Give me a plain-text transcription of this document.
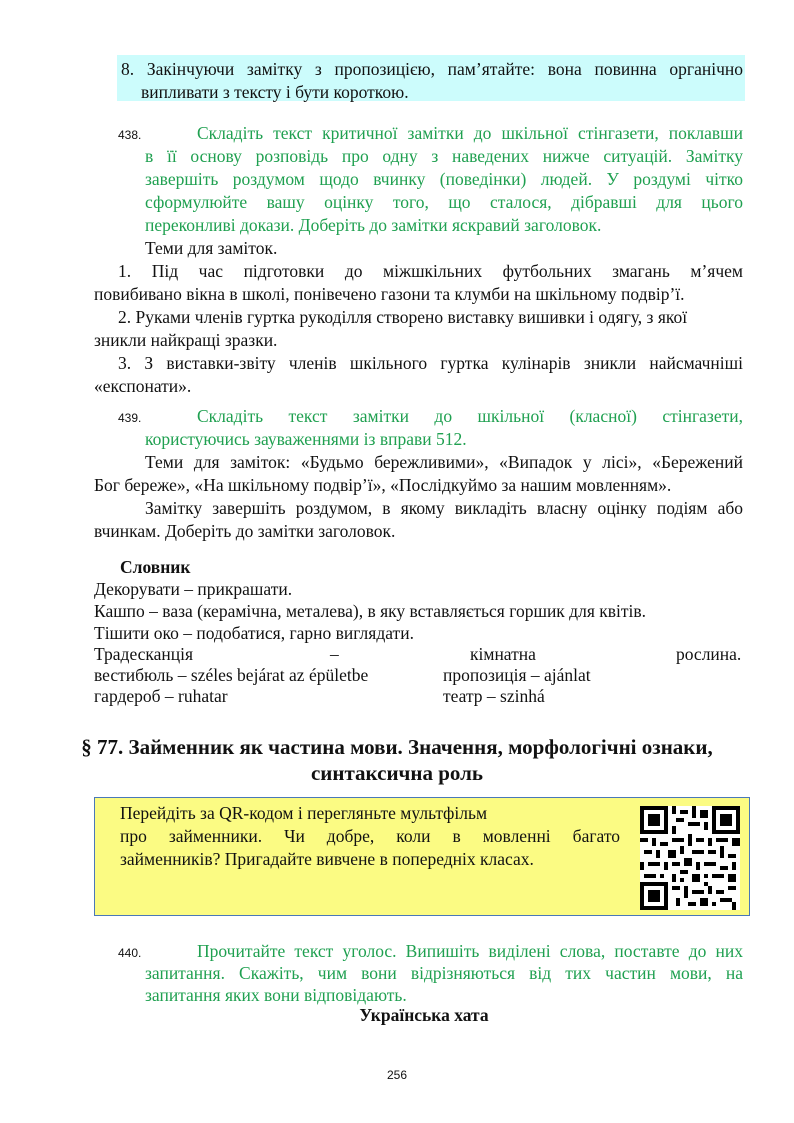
8. Закінчуючи замітку з пропозицією, пам’ятайте: вона повинна органічно
випливати з тексту і бути короткою.
438.	Складіть текст критичної замітки до шкільної стінгазети, поклавши
в її основу розповідь про одну з наведених нижче ситуацій. Замітку
завершіть роздумом щодо вчинку (поведінки) людей. У роздумі чітко
сформулюйте вашу оцінку того, що сталося, дібравші для цього
переконливі докази. Доберіть до замітки яскравий заголовок.
Теми для заміток.
1. Під час підготовки до міжшкільних футбольних змагань м’ячем
повибивано вікна в школі, понівечено газони та клумби на шкільному подвір’ї.
2. Руками членів гуртка рукоділля створено виставку вишивки і одягу, з якої
зникли найкращі зразки.
3. З виставки-звіту членів шкільного гуртка кулінарів зникли найсмачніші
«експонати».
439.	Складіть текст замітки до шкільної (класної) стінгазети,
користуючись зауваженнями із вправи 512.
Теми для заміток: «Будьмо бережливими», «Випадок у лісі», «Бережений
Бог береже», «На шкільному подвір’ї», «Послідкуймо за нашим мовленням».
Замітку завершіть роздумом, в якому викладіть власну оцінку подіям або
вчинкам. Доберіть до замітки заголовок.
Словник
Декорувати – прикрашати.
Кашпо – ваза (керамічна, металева), в яку вставляється горшик для квітів.
Тішити око – подобатися, гарно виглядати.
Традесканція	–	кімнатна	рослина.
вестибюль – széles bejárat az épületbe	пропозиція – ajánlat
гардероб – ruhatar	театр – szinhá
§ 77. Займенник як частина мови. Значення, морфологічні ознаки,
синтаксична роль
Перейдіть за QR-кодом і перегляньте мультфільм
про займенники. Чи добре, коли в мовленні багато
займенників? Пригадайте вивчене в попередніх класах.
440.	Прочитайте текст уголос. Випишіть виділені слова, поставте до них
запитання. Скажіть, чим вони відрізняються від тих частин мови, на
запитання яких вони відповідають.
Українська хата
256
